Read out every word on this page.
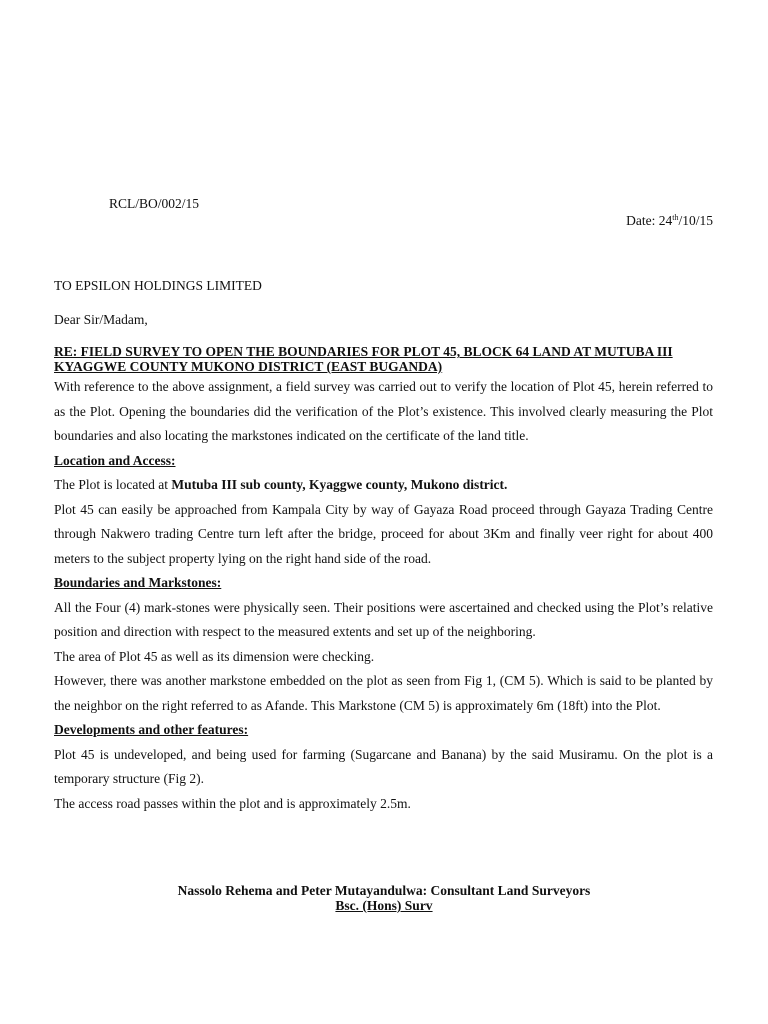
RCL/BO/002/15
Date: 24th/10/15
TO EPSILON HOLDINGS LIMITED
Dear Sir/Madam,
RE: FIELD SURVEY TO OPEN THE BOUNDARIES FOR PLOT 45, BLOCK 64 LAND AT MUTUBA III
KYAGGWE COUNTY MUKONO DISTRICT (EAST BUGANDA)

With reference to the above assignment, a field survey was carried out to verify the location of Plot 45, herein referred to as the Plot. Opening the boundaries did the verification of the Plot’s existence. This involved clearly measuring the Plot boundaries and also locating the markstones indicated on the certificate of the land title.

Location and Access:

The Plot is located at Mutuba III sub county, Kyaggwe county, Mukono district.

Plot 45 can easily be approached from Kampala City by way of Gayaza Road proceed through Gayaza Trading Centre through Nakwero trading Centre turn left after the bridge, proceed for about 3Km and finally veer right for about 400 meters to the subject property lying on the right hand side of the road.

Boundaries and Markstones:

All the Four (4) mark-stones were physically seen. Their positions were ascertained and checked using the Plot’s relative position and direction with respect to the measured extents and set up of the neighboring.

The area of Plot 45 as well as its dimension were checking.

However, there was another markstone embedded on the plot as seen from Fig 1, (CM 5). Which is said to be planted by the neighbor on the right referred to as Afande. This Markstone (CM 5) is approximately 6m (18ft) into the Plot.

Developments and other features:

Plot 45 is undeveloped, and being used for farming (Sugarcane and Banana) by the said Musiramu. On the plot is a temporary structure (Fig 2).

The access road passes within the plot and is approximately 2.5m.

Nassolo Rehema and Peter Mutayandulwa: Consultant Land Surveyors
Bsc. (Hons) Surv
